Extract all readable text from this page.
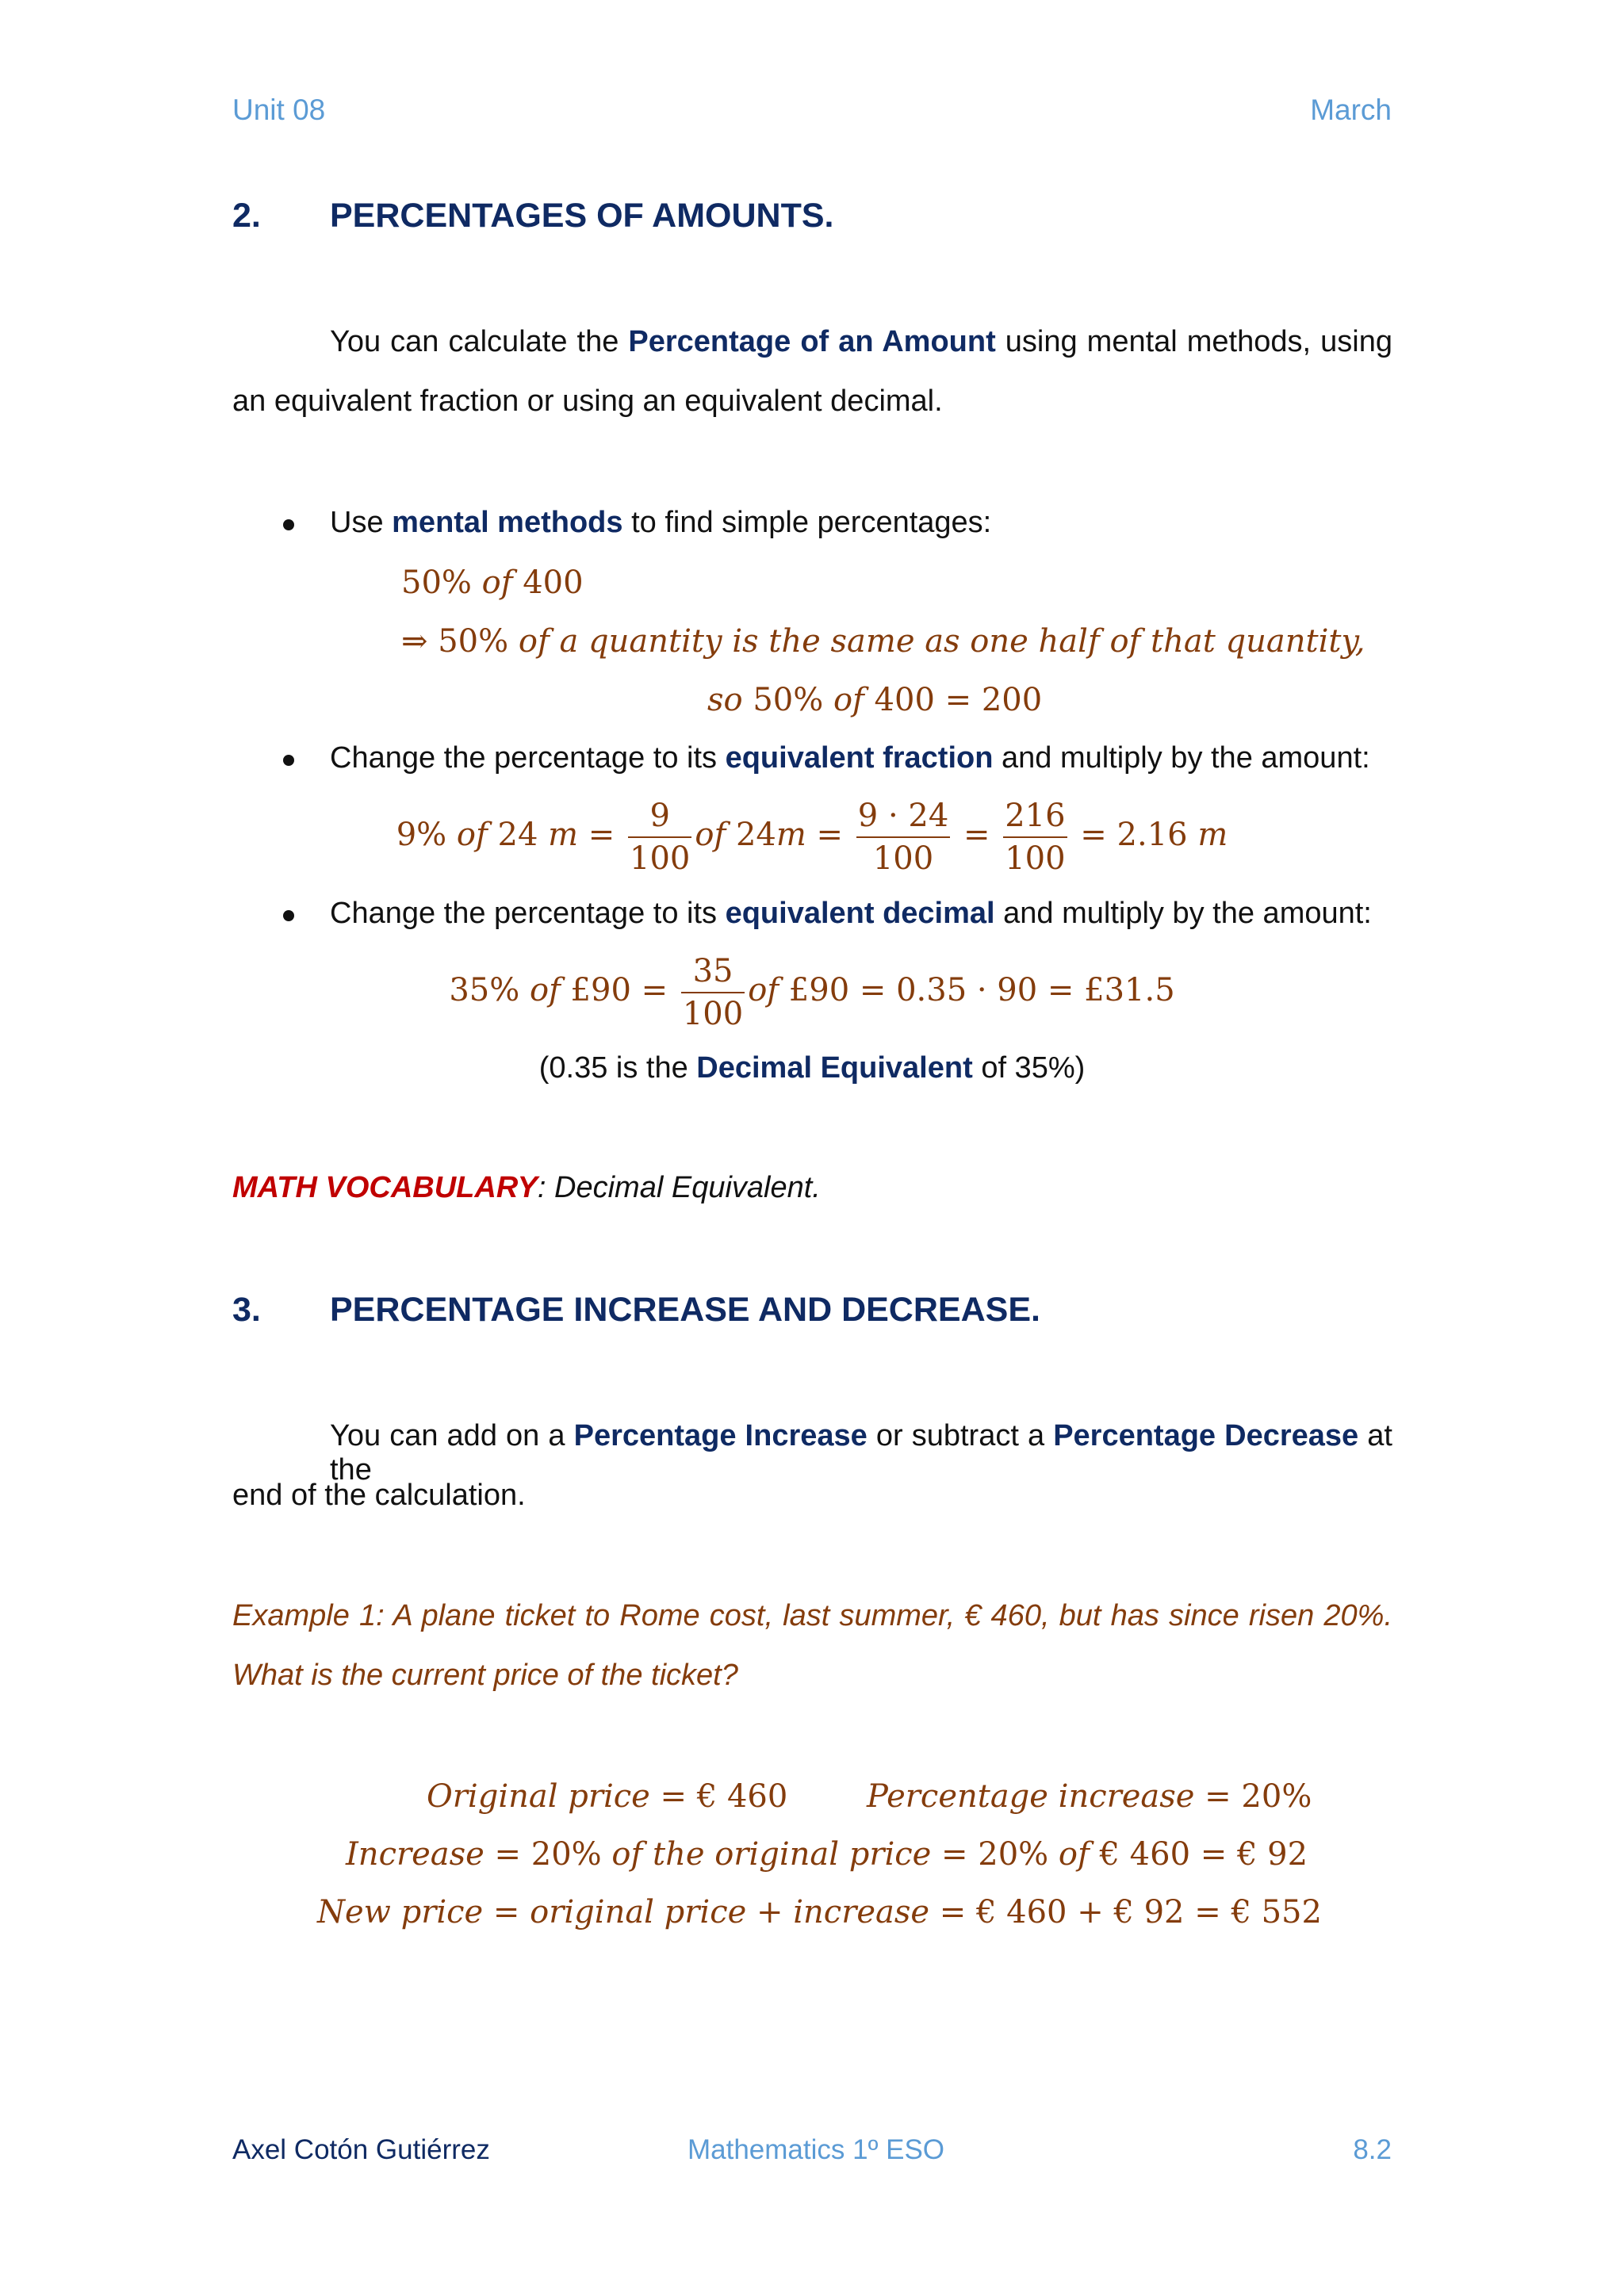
Unit 08	March
2. PERCENTAGES OF AMOUNTS.
You can calculate the Percentage of an Amount using mental methods, using
an equivalent fraction or using an equivalent decimal.
Use mental methods to find simple percentages:
50% of 400
⇒ 50% of a quantity is the same as one half of that quantity,
so 50% of 400 = 200
Change the percentage to its equivalent fraction and multiply by the amount:
9% of 24 $m = \frac{9}{100}$ of $24m = \frac{9 \cdot 24}{100} = \frac{216}{100} = 2.16$ m
Change the percentage to its equivalent decimal and multiply by the amount:
35% of £90 = $\frac{35}{100}$ of £90 = 0.35 · 90 = £31.5
(0.35 is the Decimal Equivalent of 35%)
MATH VOCABULARY: Decimal Equivalent.
3. PERCENTAGE INCREASE AND DECREASE.
You can add on a Percentage Increase or subtract a Percentage Decrease at the
end of the calculation.
Example 1: A plane ticket to Rome cost, last summer, € 460, but has since risen 20%.
What is the current price of the ticket?
Original price = € 460 Percentage increase = 20%
Increase = 20% of the original price = 20% of € 460 = € 92
New price = original price + increase = € 460 + € 92 = € 552
Axel Cotón Gutiérrez	Mathematics 1º ESO	8.2
